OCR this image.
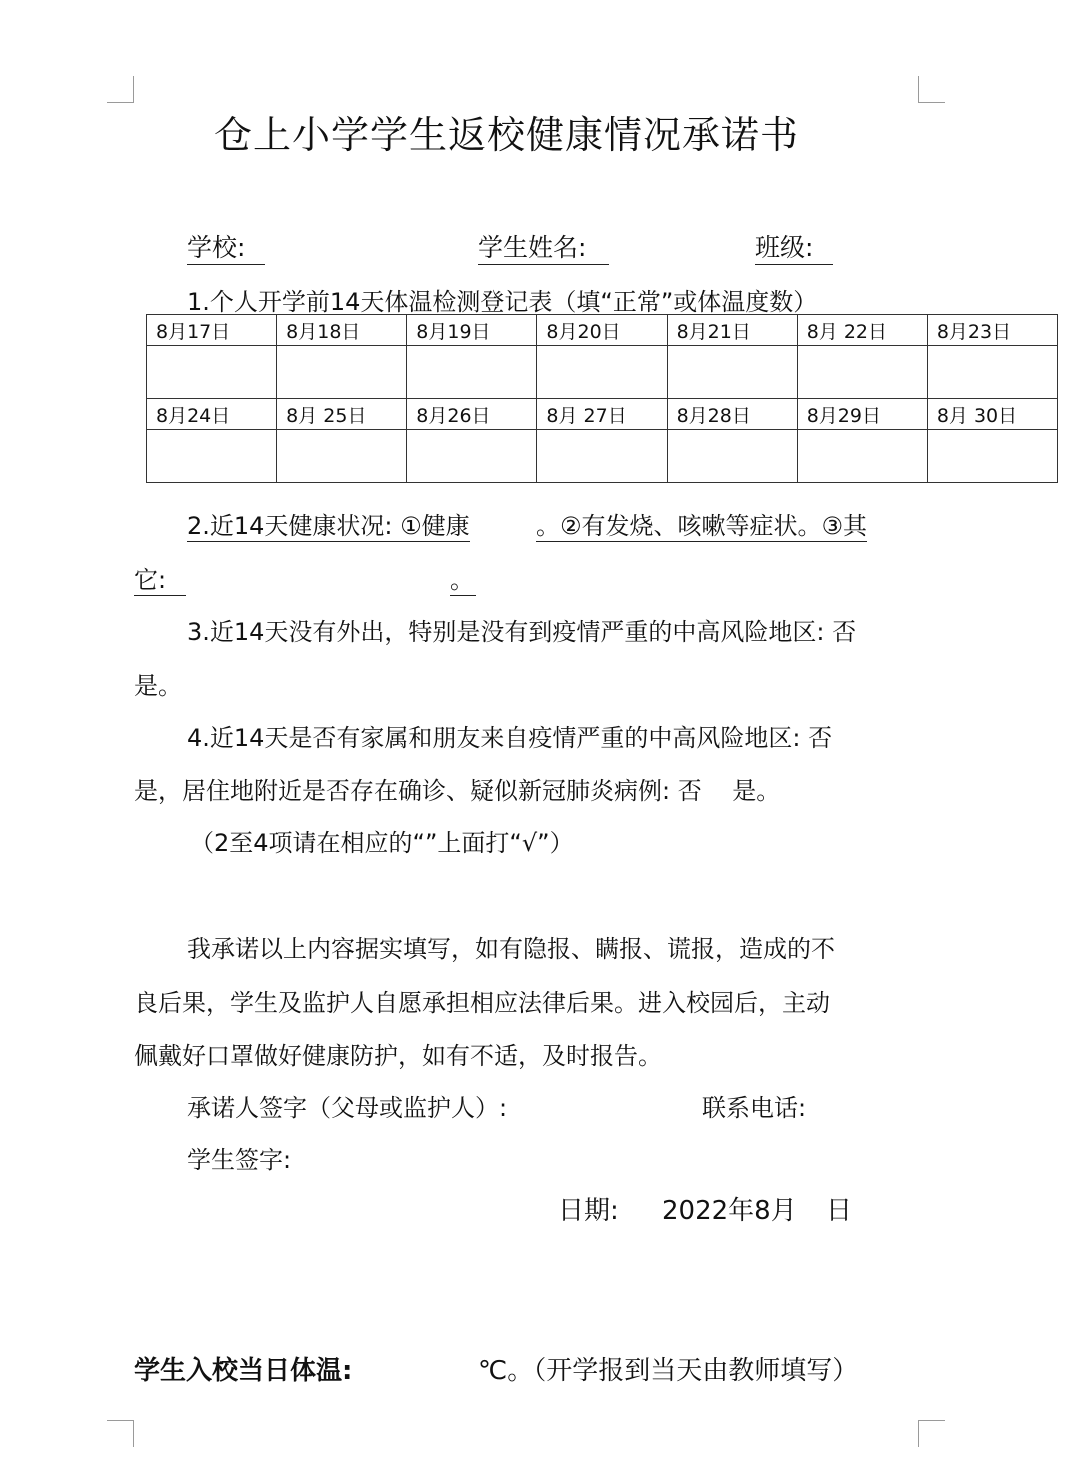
仓上小学学生返校健康情况承诺书
学校:	学生姓名:	班级:
1.个人开学前14天体温检测登记表（填“正常”或体温度数）
8月17日	8月18日	8月19日	8月20日	8月21日	8月 22日	8月23日

8月24日	8月 25日	8月26日	8月 27日	8月28日	8月29日	8月 30日

2.近14天健康状况: ①健康	。②有发烧、咳嗽等症状。③其
它:	。
3.近14天没有外出，特别是没有到疫情严重的中高风险地区: 否
是。
4.近14天是否有家属和朋友来自疫情严重的中高风险地区: 否
是，居住地附近是否存在确诊、疑似新冠肺炎病例: 否    是。
（2至4项请在相应的“”上面打“√”）
我承诺以上内容据实填写，如有隐报、瞒报、谎报，造成的不
良后果，学生及监护人自愿承担相应法律后果。进入校园后，主动
佩戴好口罩做好健康防护，如有不适，及时报告。
承诺人签字（父母或监护人）:	联系电话:
学生签字:
日期: 2022年8月 日
学生入校当日体温:	℃。（开学报到当天由教师填写）
